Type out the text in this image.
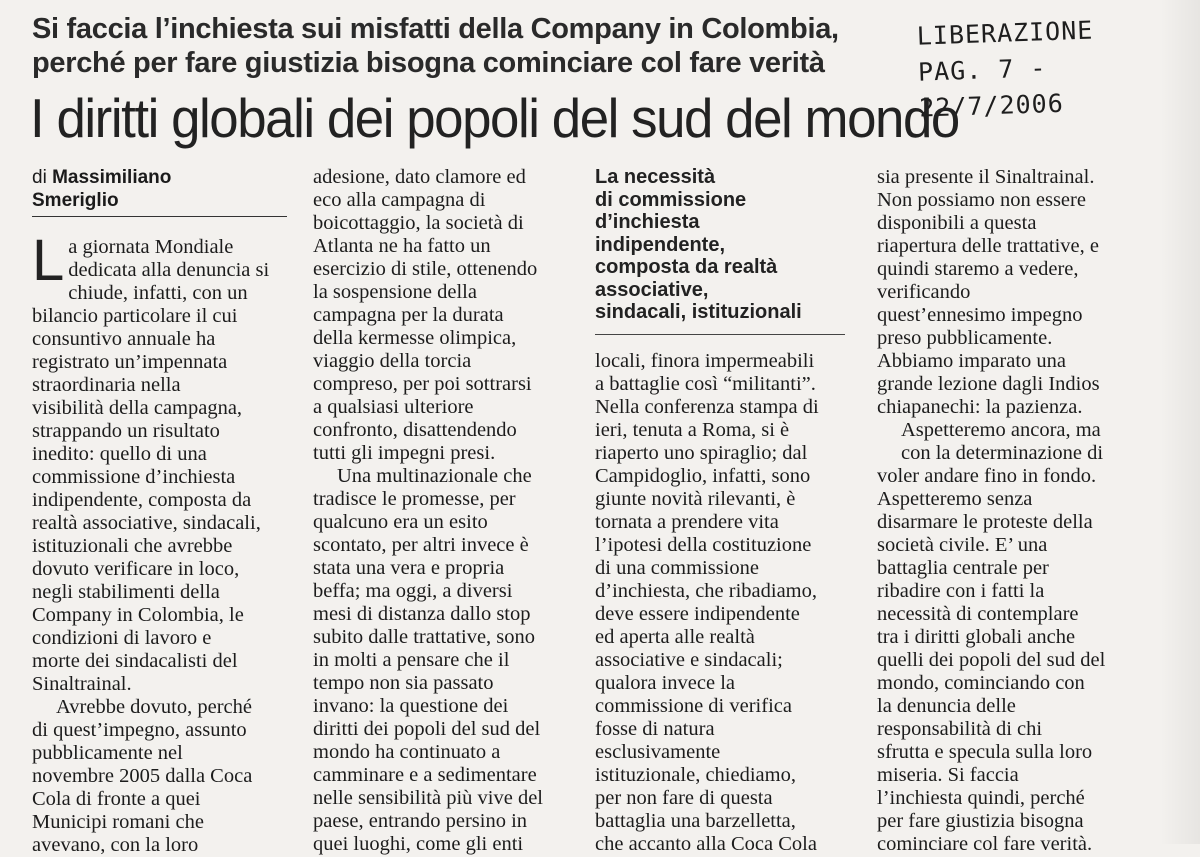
Si faccia l’inchiesta sui misfatti della Company in Colombia,
perché per fare giustizia bisogna cominciare col fare verità
LIBERAZIONE
PAG. 7 - 22/7/2006
I diritti globali dei popoli del sud del mondo
di Massimiliano
Smeriglio
L a giornata Mondiale

dedicata alla denuncia si

chiude, infatti, con un

bilancio particolare il cui

consuntivo annuale ha

registrato un’impennata

straordinaria nella

visibilità della campagna,

strappando un risultato

inedito: quello di una

commissione d’inchiesta

indipendente, composta da

realtà associative, sindacali,

istituzionali che avrebbe

dovuto verificare in loco,

negli stabilimenti della

Company in Colombia, le

condizioni di lavoro e

morte dei sindacalisti del

Sinaltrainal.

Avrebbe dovuto, perché

di quest’impegno, assunto

pubblicamente nel

novembre 2005 dalla Coca

Cola di fronte a quei

Municipi romani che

avevano, con la loro

adesione, dato clamore ed

eco alla campagna di

boicottaggio, la società di

Atlanta ne ha fatto un

esercizio di stile, ottenendo

la sospensione della

campagna per la durata

della kermesse olimpica,

viaggio della torcia

compreso, per poi sottrarsi

a qualsiasi ulteriore

confronto, disattendendo

tutti gli impegni presi.

Una multinazionale che

tradisce le promesse, per

qualcuno era un esito

scontato, per altri invece è

stata una vera e propria

beffa; ma oggi, a diversi

mesi di distanza dallo stop

subito dalle trattative, sono

in molti a pensare che il

tempo non sia passato

invano: la questione dei

diritti dei popoli del sud del

mondo ha continuato a

camminare e a sedimentare

nelle sensibilità più vive del

paese, entrando persino in

quei luoghi, come gli enti

La necessità

di commissione

d’inchiesta

indipendente,

composta da realtà

associative,

sindacali, istituzionali

locali, finora impermeabili

a battaglie così “militanti”.

Nella conferenza stampa di

ieri, tenuta a Roma, si è

riaperto uno spiraglio; dal

Campidoglio, infatti, sono

giunte novità rilevanti, è

tornata a prendere vita

l’ipotesi della costituzione

di una commissione

d’inchiesta, che ribadiamo,

deve essere indipendente

ed aperta alle realtà

associative e sindacali;

qualora invece la

commissione di verifica

fosse di natura

esclusivamente

istituzionale, chiediamo,

per non fare di questa

battaglia una barzelletta,

che accanto alla Coca Cola

sia presente il Sinaltrainal.

Non possiamo non essere

disponibili a questa

riapertura delle trattative, e

quindi staremo a vedere,

verificando

quest’ennesimo impegno

preso pubblicamente.

Abbiamo imparato una

grande lezione dagli Indios

chiapanechi: la pazienza.

Aspetteremo ancora, ma

con la determinazione di

voler andare fino in fondo.

Aspetteremo senza

disarmare le proteste della

società civile. E’ una

battaglia centrale per

ribadire con i fatti la

necessità di contemplare

tra i diritti globali anche

quelli dei popoli del sud del

mondo, cominciando con

la denuncia delle

responsabilità di chi

sfrutta e specula sulla loro

miseria. Si faccia

l’inchiesta quindi, perché

per fare giustizia bisogna

cominciare col fare verità.
